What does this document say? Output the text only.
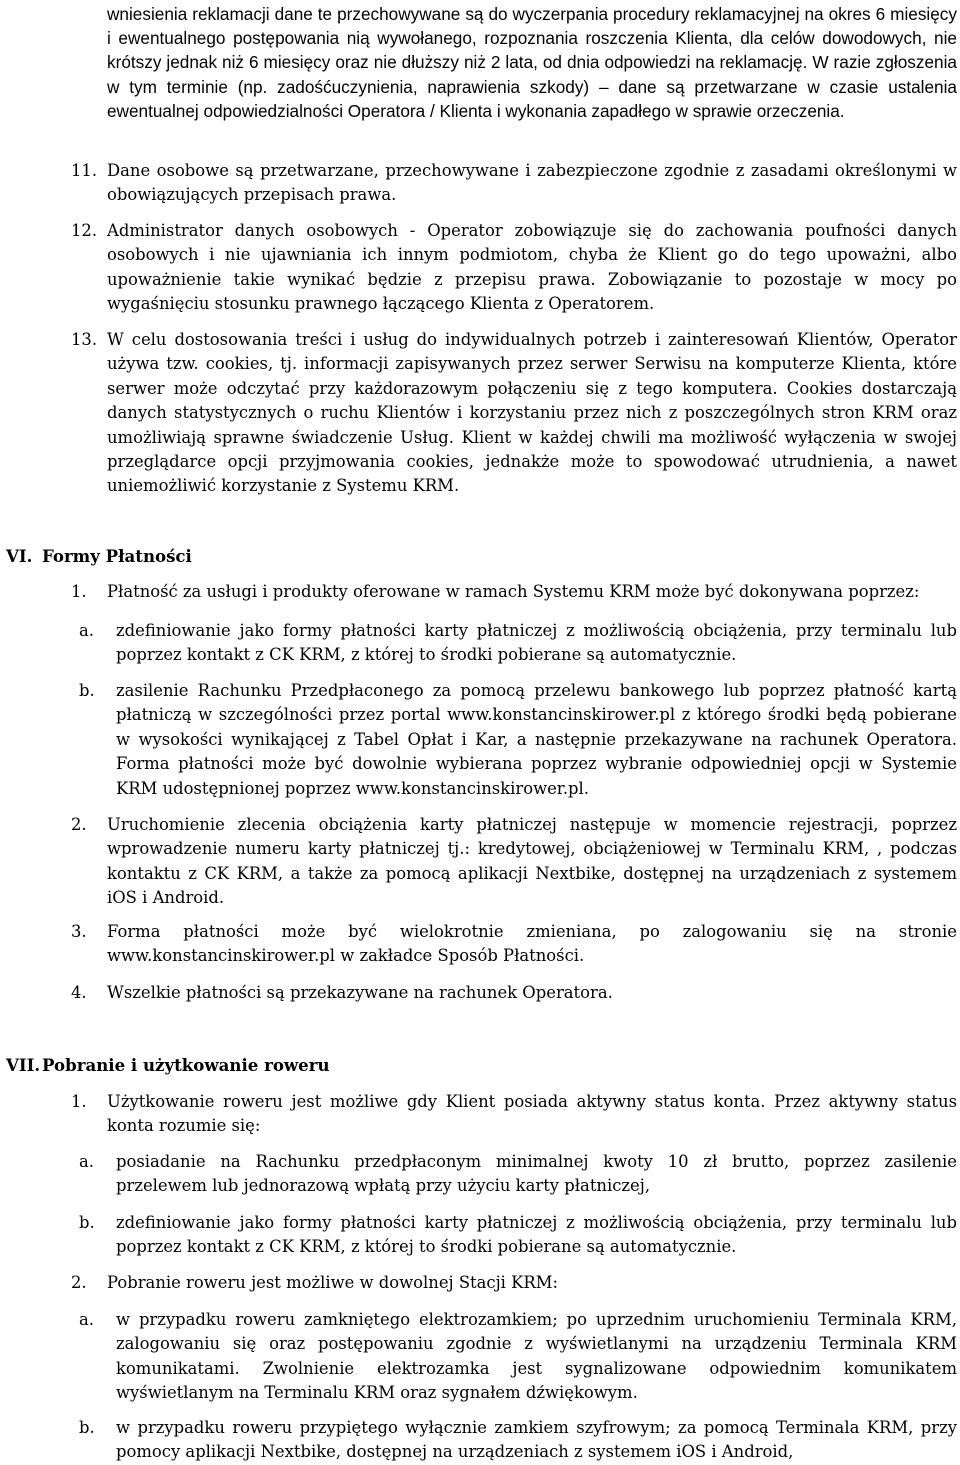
wniesienia reklamacji dane te przechowywane są do wyczerpania procedury reklamacyjnej na okres 6 miesięcy i ewentualnego postępowania nią wywołanego, rozpoznania roszczenia Klienta, dla celów dowodowych, nie krótszy jednak niż 6 miesięcy oraz nie dłuższy niż 2 lata, od dnia odpowiedzi na reklamację. W razie zgłoszenia w tym terminie (np. zadośćuczynienia, naprawienia szkody) – dane są przetwarzane w czasie ustalenia ewentualnej odpowiedzialności Operatora / Klienta i wykonania zapadłego w sprawie orzeczenia.
11. Dane osobowe są przetwarzane, przechowywane i zabezpieczone zgodnie z zasadami określonymi w obowiązujących przepisach prawa.
12. Administrator danych osobowych - Operator zobowiązuje się do zachowania poufności danych osobowych i nie ujawniania ich innym podmiotom, chyba że Klient go do tego upoważni, albo upoważnienie takie wynikać będzie z przepisu prawa. Zobowiązanie to pozostaje w mocy po wygaśnięciu stosunku prawnego łączącego Klienta z Operatorem.
13. W celu dostosowania treści i usług do indywidualnych potrzeb i zainteresowań Klientów, Operator używa tzw. cookies, tj. informacji zapisywanych przez serwer Serwisu na komputerze Klienta, które serwer może odczytać przy każdorazowym połączeniu się z tego komputera. Cookies dostarczają danych statystycznych o ruchu Klientów i korzystaniu przez nich z poszczególnych stron KRM oraz umożliwiają sprawne świadczenie Usług. Klient w każdej chwili ma możliwość wyłączenia w swojej przeglądarce opcji przyjmowania cookies, jednakże może to spowodować utrudnienia, a nawet uniemożliwić korzystanie z Systemu KRM.
VI. Formy Płatności
1. Płatność za usługi i produkty oferowane w ramach Systemu KRM może być dokonywana poprzez:
a. zdefiniowanie jako formy płatności karty płatniczej z możliwością obciążenia, przy terminalu lub poprzez kontakt z CK KRM, z której to środki pobierane są automatycznie.
b. zasilenie Rachunku Przedpłaconego za pomocą przelewu bankowego lub poprzez płatność kartą płatniczą w szczególności przez portal www.konstancinskirower.pl z którego środki będą pobierane w wysokości wynikającej z Tabel Opłat i Kar, a następnie przekazywane na rachunek Operatora. Forma płatności może być dowolnie wybierana poprzez wybranie odpowiedniej opcji w Systemie KRM udostępnionej poprzez www.konstancinskirower.pl.
2. Uruchomienie zlecenia obciążenia karty płatniczej następuje w momencie rejestracji, poprzez wprowadzenie numeru karty płatniczej tj.: kredytowej, obciążeniowej w Terminalu KRM, , podczas kontaktu z CK KRM, a także za pomocą aplikacji Nextbike, dostępnej na urządzeniach z systemem iOS i Android.
3. Forma płatności może być wielokrotnie zmieniana, po zalogowaniu się na stronie www.konstancinskirower.pl w zakładce Sposób Płatności.
4. Wszelkie płatności są przekazywane na rachunek Operatora.
VII. Pobranie i użytkowanie roweru
1. Użytkowanie roweru jest możliwe gdy Klient posiada aktywny status konta. Przez aktywny status konta rozumie się:
a. posiadanie na Rachunku przedpłaconym minimalnej kwoty 10 zł brutto, poprzez zasilenie przelewem lub jednorazową wpłatą przy użyciu karty płatniczej,
b. zdefiniowanie jako formy płatności karty płatniczej z możliwością obciążenia, przy terminalu lub poprzez kontakt z CK KRM, z której to środki pobierane są automatycznie.
2. Pobranie roweru jest możliwe w dowolnej Stacji KRM:
a. w przypadku roweru zamkniętego elektrozamkiem; po uprzednim uruchomieniu Terminala KRM, zalogowaniu się oraz postępowaniu zgodnie z wyświetlanymi na urządzeniu Terminala KRM komunikatami. Zwolnienie elektrozamka jest sygnalizowane odpowiednim komunikatem wyświetlanym na Terminalu KRM oraz sygnałem dźwiękowym.
b. w przypadku roweru przypiętego wyłącznie zamkiem szyfrowym; za pomocą Terminala KRM, przy pomocy aplikacji Nextbike, dostępnej na urządzeniach z systemem iOS i Android,
